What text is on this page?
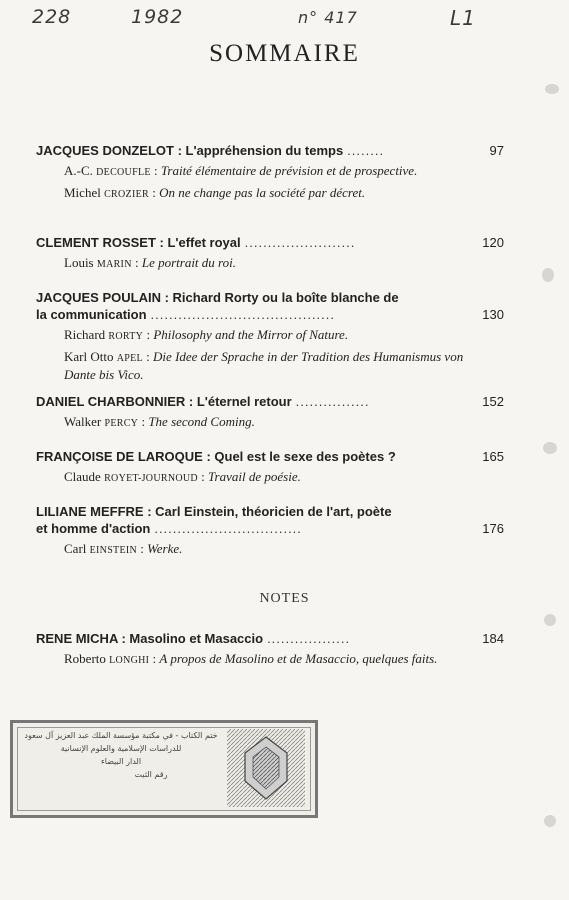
228	1982	n° 417	L1
SOMMAIRE
JACQUES DONZELOT : L'appréhension du temps ........	97
A.-C. DECOUFLE : Traité élémentaire de prévision et de prospective.
Michel CROZIER : On ne change pas la société par décret.
CLEMENT ROSSET : L'effet royal ........................	120
Louis MARIN : Le portrait du roi.
JACQUES POULAIN : Richard Rorty ou la boîte blanche de
la communication ........................................	130
Richard RORTY : Philosophy and the Mirror of Nature.
Karl Otto APEL : Die Idee der Sprache in der Tradition des Humanismus von Dante bis Vico.
DANIEL CHARBONNIER : L'éternel retour ................	152
Walker PERCY : The second Coming.
FRANÇOISE DE LAROQUE : Quel est le sexe des poètes ?	165
Claude ROYET-JOURNOUD : Travail de poésie.
LILIANE MEFFRE : Carl Einstein, théoricien de l'art, poète
et homme d'action ................................	176
Carl EINSTEIN : Werke.
NOTES
RENE MICHA : Masolino et Masaccio ..................	184
Roberto LONGHI : A propos de Masolino et de Masaccio, quelques faits.
ختم الكتاب - في مكتبة مؤسسة الملك عبد العزيز آل سعود
للدراسات الإسلامية والعلوم الإنسانية
الدار البيضاء
رقم الثبت
